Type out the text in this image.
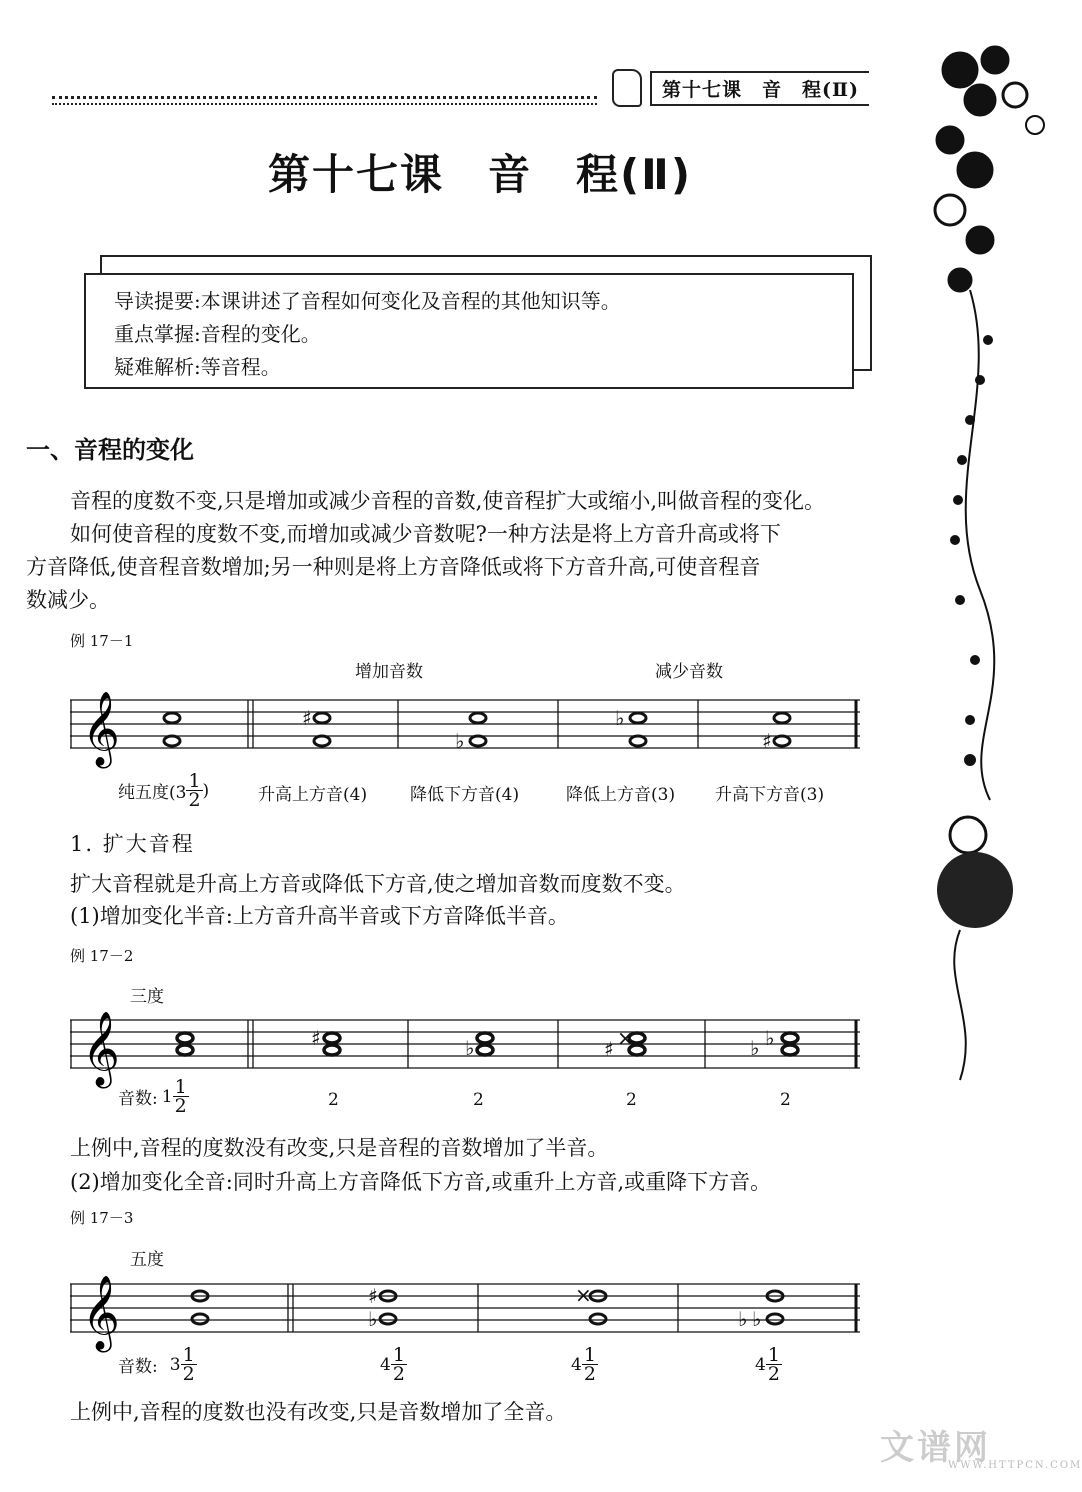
第十七课　音　程(Ⅱ)
第十七课　音　程(Ⅱ)

导读提要:本课讲述了音程如何变化及音程的其他知识等。

重点掌握:音程的变化。

疑难解析:等音程。

一、音程的变化
音程的度数不变,只是增加或减少音程的音数,使音程扩大或缩小,叫做音程的变化。
如何使音程的度数不变,而增加或减少音数呢?一种方法是将上方音升高或将下
方音降低,使音程音数增加;另一种则是将上方音降低或将下方音升高,可使音程音
数减少。
例 17－1
增加音数	减少音数
𝄞	♯
♭
♭
♯
纯五度($3 \frac{1}{2}$ )	升高上方音(4)	降低下方音(4)	降低上方音(3) 升高下方音(3)
1. 扩大音程
扩大音程就是升高上方音或降低下方音,使之增加音数而度数不变。
(1)增加变化半音:上方音升高半音或下方音降低半音。
例 17－2
三度
𝄞	♯	♭	♯ ×	♭ ♭
音数: $1 \frac{1}{2}$	2	2	2	2
上例中,音程的度数没有改变,只是音程的音数增加了半音。
(2)增加变化全音:同时升高上方音降低下方音,或重升上方音,或重降下方音。
例 17－3
五度
𝄞	♯
♭
×
♭ ♭
音数: $3 \frac{1}{2}$	$4 \frac{1}{2}$	$4 \frac{1}{2}$	$4 \frac{1}{2}$
上例中,音程的度数也没有改变,只是音数增加了全音。
文谱网
WWW.HTTPCN.COM
